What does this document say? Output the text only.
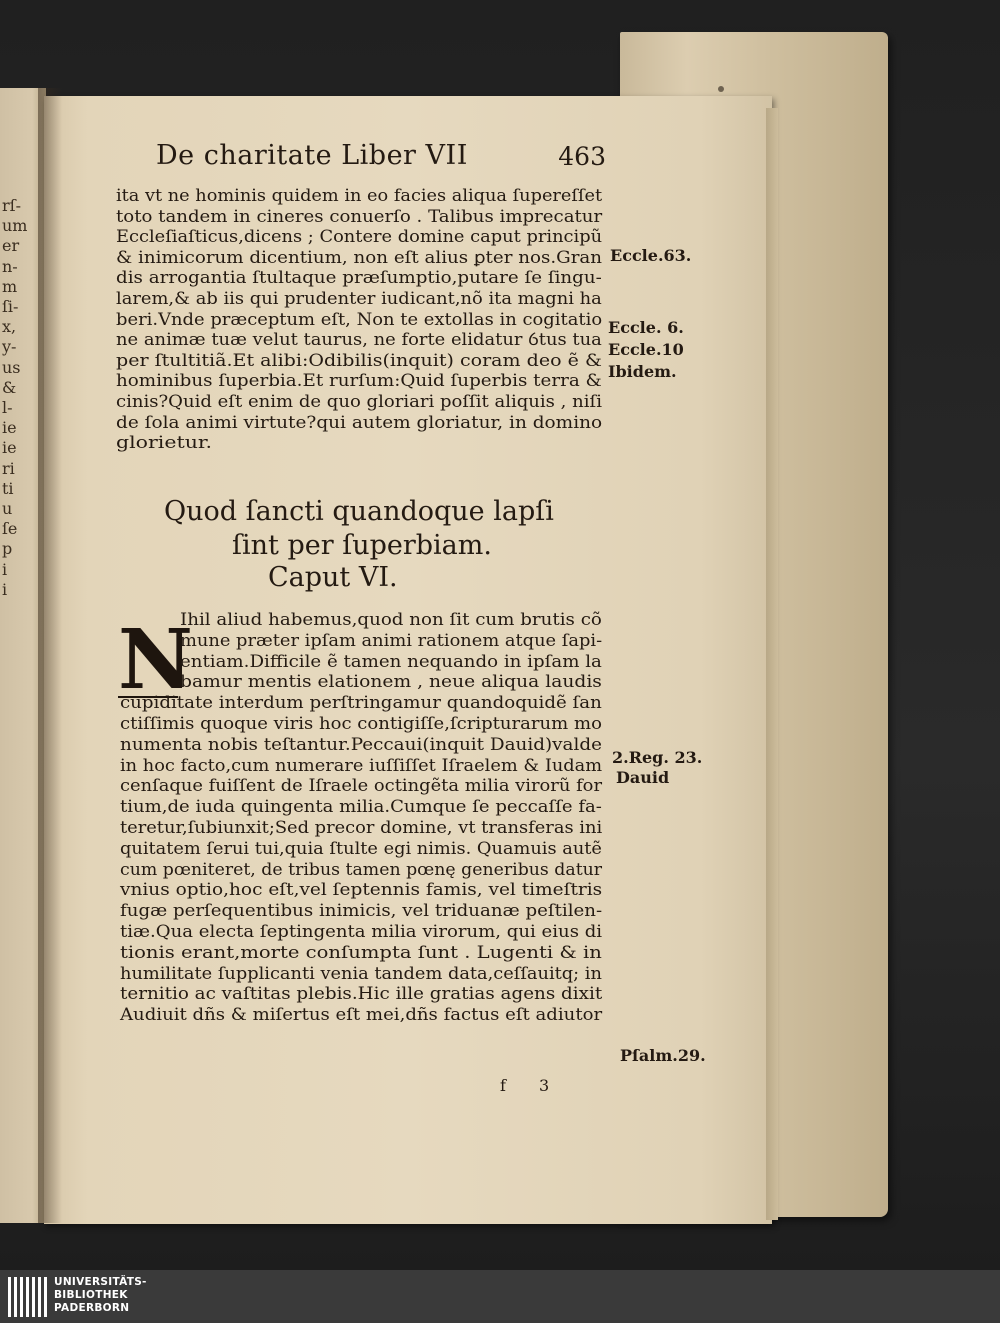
rſ-
um
er
n-
m
ſi-
x,
y-
us
&
l-
ie
ie
ri
ti
u
ſe
p
i
i
De charitate Liber VII	463
ita vt ne hominis quidem in eo facies aliqua ſupereſſet
toto tandem in cineres conuerſo . Talibus imprecatur
Eccleſiaſticus,dicens ; Contere domine caput principũ
& inimicorum dicentium, non eſt alius ꝑter nos.Gran
dis arrogantia ſtultaque præſumptio,putare ſe ſingu-
larem,& ab iis qui prudenter iudicant,nõ ita magni ha
beri.Vnde præceptum eſt, Non te extollas in cogitatio
ne animæ tuæ velut taurus, ne forte elidatur ỽtus tua
per ſtultitiã.Et alibi:Odibilis(inquit) coram deo ẽ &
hominibus ſuperbia.Et rurſum:Quid ſuperbis terra &
cinis?Quid eſt enim de quo gloriari poſſit aliquis , niſi
de ſola animi virtute?qui autem gloriatur, in domino
glorietur.
Quod ſancti quandoque lapſi
ſint per ſuperbiam.
Caput VI.
N
Ihil aliud habemus,quod non ſit cum brutis cõ
mune præter ipſam animi rationem atque ſapi-
entiam.Difficile ẽ tamen nequando in ipſam la
bamur mentis elationem , neue aliqua laudis
cupiditate interdum perſtringamur quandoquidẽ ſan
ctiſſimis quoque viris hoc contigiſſe,ſcripturarum mo
numenta nobis teſtantur.Peccaui(inquit Dauid)valde
in hoc facto,cum numerare iuſſiſſet Iſraelem & Iudam
cenſaque fuiſſent de Iſraele octingẽta milia virorũ for
tium,de iuda quingenta milia.Cumque ſe peccaſſe fa-
teretur,ſubiunxit;Sed precor domine, vt transferas ini
quitatem ſerui tui,quia ſtulte egi nimis. Quamuis autẽ
cum pœniteret, de tribus tamen pœnę generibus datur
vnius optio,hoc eſt,vel ſeptennis famis, vel timeſtris
fugæ perſequentibus inimicis, vel triduanæ peſtilen-
tiæ.Qua electa ſeptingenta milia virorum, qui eius di
tionis erant,morte conſumpta ſunt . Lugenti & in
humilitate ſupplicanti venia tandem data,ceſſauitq; in
ternitio ac vaſtitas plebis.Hic ille gratias agens dixit
Audiuit dñs & miſertus eſt mei,dñs factus eſt adiutor
Eccle.63.
Eccle. 6.
Eccle.10
Ibidem.
2.Reg. 23.
Dauid
Pſalm.29.
f 3
UNIVERSITÄTS-
BIBLIOTHEK
PADERBORN
